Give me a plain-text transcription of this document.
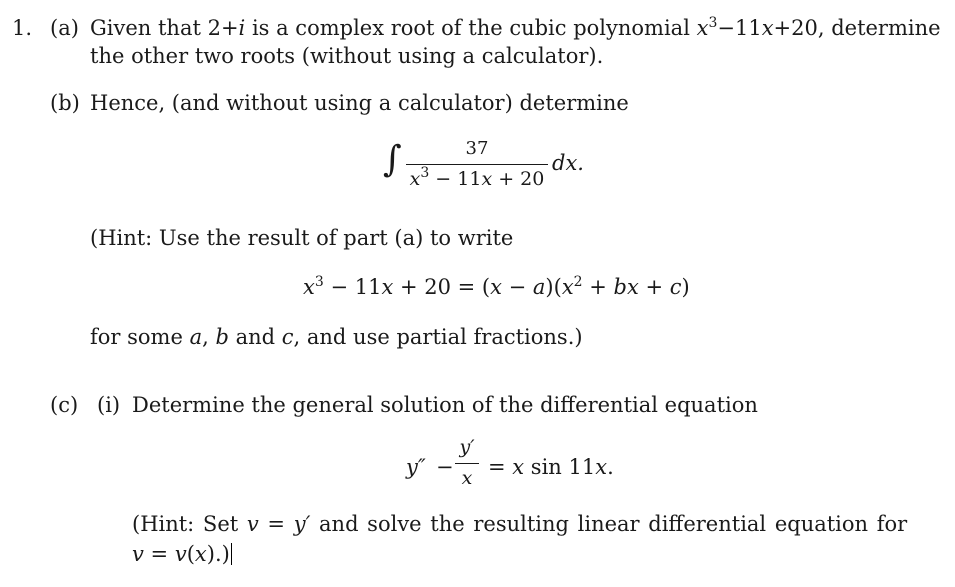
1. (a) Given that 2+i is a complex root of the cubic polynomial $x^3-11x+20$, determine
the other two roots (without using a calculator).
(b) Hence, (and without using a calculator) determine
∫	37
$x^3 - 11x + 20$
dx.
(Hint: Use the result of part (a) to write
$x^3 - 11x + 20 = (x - a)(x^2$ + bx + c)
for some a, b and c, and use partial fractions.)
(c) (i) Determine the general solution of the differential equation
y″ −
y′
x = x sin 11x.
(Hint: Set v = y′ and solve the resulting linear differential equation for
v = v(x).)
